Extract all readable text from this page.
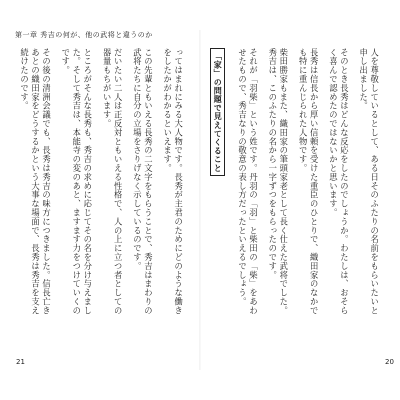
第一章 秀吉の何が、他の武将と違うのか

ってはまれにみる大人物です。長秀が主君のためにどのような働きをしたかがわかるといえます。

この先輩ともいえる長秀の二文字をもらうことで、秀吉はまわりの武将たちに自分の立場をさりげなく示しているのです。

だいたい二人は正反対ともいえる性格で、人の上に立つ者としての器量もちがいます。

ところがそんな長秀も、秀吉の求めに応じてその名を分け与えました。そして秀吉は、本能寺の変のあと、ますます力をつけていくのです。

その後の清洲会議でも、長秀は秀吉の味方につきました。信長亡きあとの織田家をどうするかという大事な場面で、長秀は秀吉を支え続けたのです。

21

人を尊敬しているとして、ある日そのふたりの名前をもらいたいと申し出ました。

そのとき長秀はどんな反応をしたのでしょうか。わたしは、おそらく喜んで認めたのではないかと思います。

長秀は信長から厚い信頼を受けた重臣のひとりで、織田家のなかでも特に重んじられた人物です。

柴田勝家もまた、織田家の筆頭家老として長く仕えた武将でした。秀吉は、このふたりの名から一字ずつをもらったのです。

それが「羽柴」という姓です。丹羽の「羽」と柴田の「柴」をあわせたもので、秀吉なりの敬意の表し方だったといえるでしょう。

「家」の問題で見えてくること

20
